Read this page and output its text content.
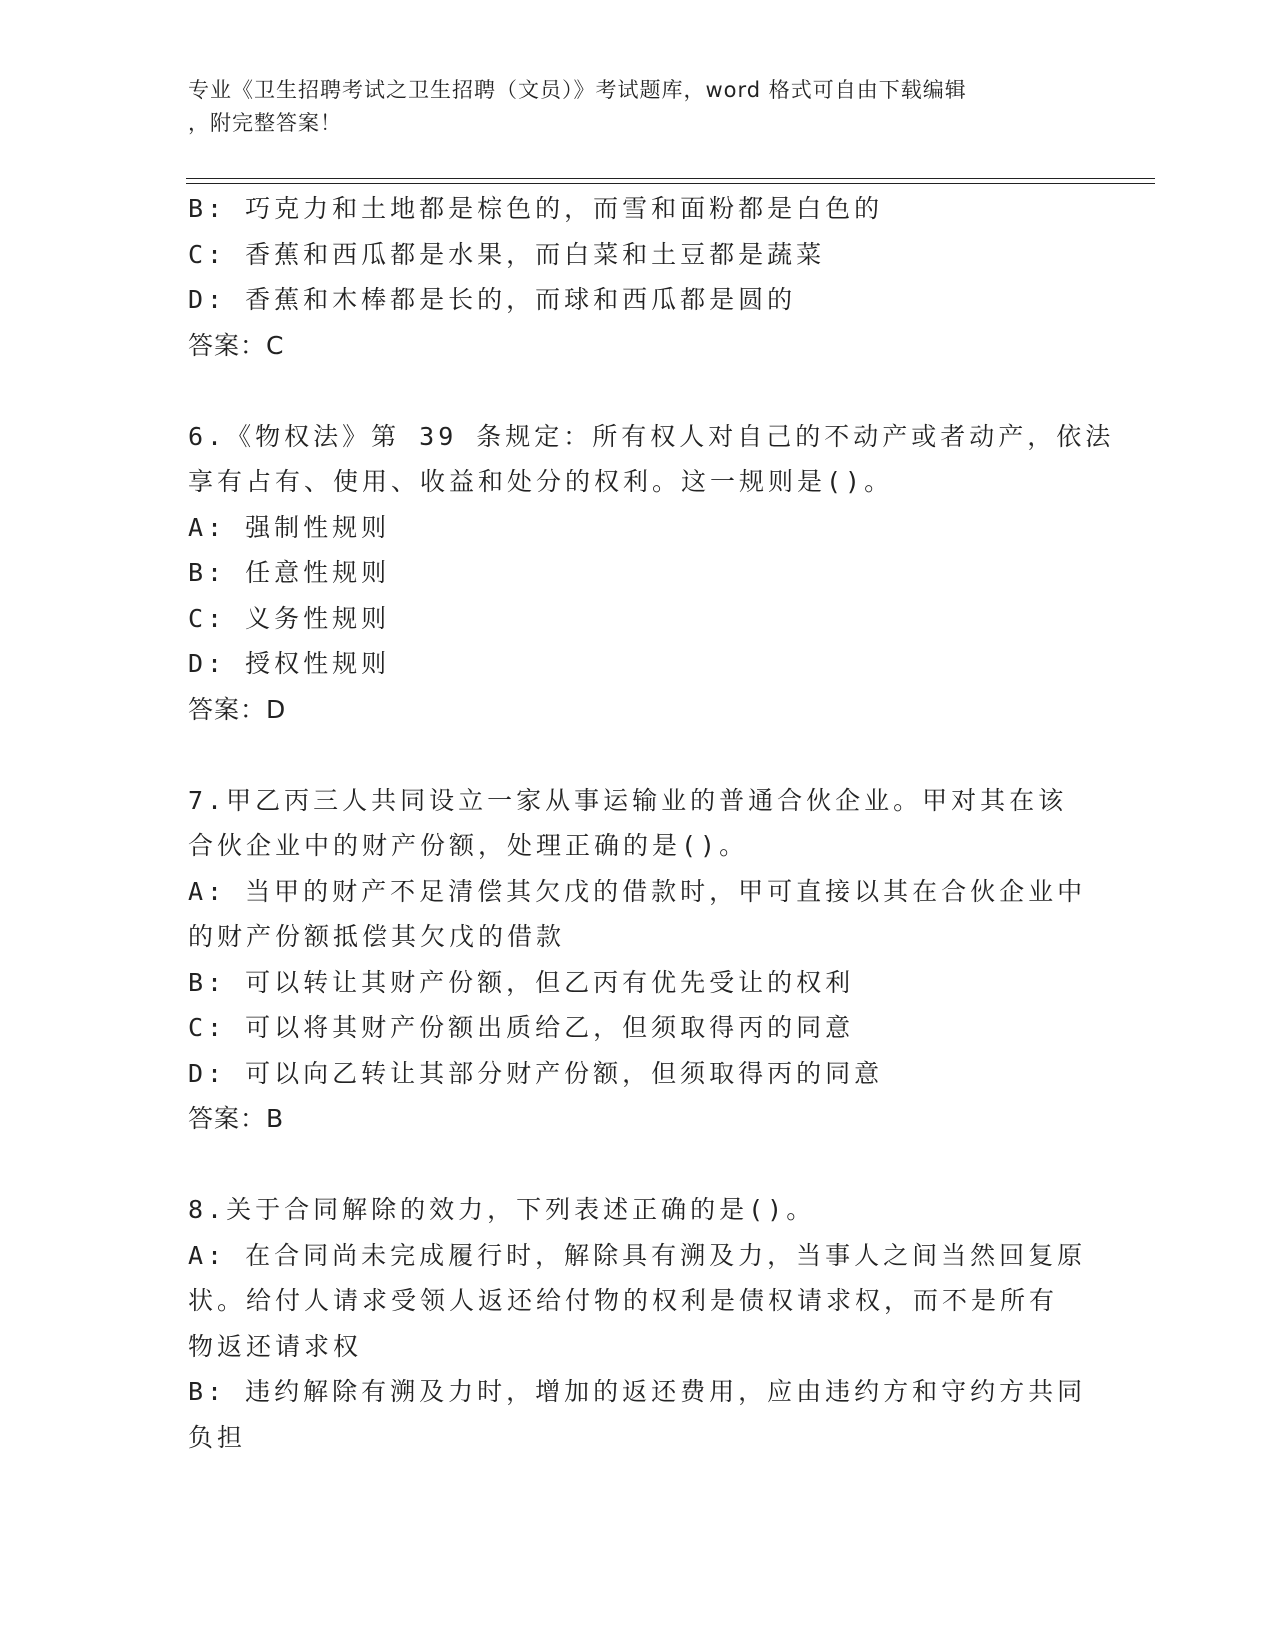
专业《卫生招聘考试之卫生招聘（文员）》考试题库，word 格式可自由下载编辑
，附完整答案！
B: 巧克力和土地都是棕色的，而雪和面粉都是白色的
C: 香蕉和西瓜都是水果，而白菜和土豆都是蔬菜
D: 香蕉和木棒都是长的，而球和西瓜都是圆的
答案：C
6.《物权法》第 39 条规定：所有权人对自己的不动产或者动产，依法
享有占有、使用、收益和处分的权利。这一规则是()。
A: 强制性规则
B: 任意性规则
C: 义务性规则
D: 授权性规则
答案：D
7.甲乙丙三人共同设立一家从事运输业的普通合伙企业。甲对其在该
合伙企业中的财产份额，处理正确的是()。
A: 当甲的财产不足清偿其欠戊的借款时，甲可直接以其在合伙企业中
的财产份额抵偿其欠戊的借款
B: 可以转让其财产份额，但乙丙有优先受让的权利
C: 可以将其财产份额出质给乙，但须取得丙的同意
D: 可以向乙转让其部分财产份额，但须取得丙的同意
答案：B
8.关于合同解除的效力，下列表述正确的是()。
A: 在合同尚未完成履行时，解除具有溯及力，当事人之间当然回复原
状。给付人请求受领人返还给付物的权利是债权请求权，而不是所有
物返还请求权
B: 违约解除有溯及力时，增加的返还费用，应由违约方和守约方共同
负担
